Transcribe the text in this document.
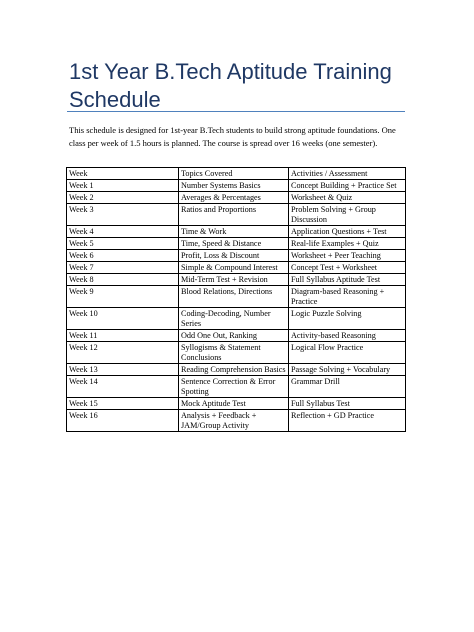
1st Year B.Tech Aptitude Training Schedule

This schedule is designed for 1st-year B.Tech students to build strong aptitude foundations. One class per week of 1.5 hours is planned. The course is spread over 16 weeks (one semester).

Week	Topics Covered	Activities / Assessment
Week 1	Number Systems Basics	Concept Building + Practice Set
Week 2	Averages & Percentages	Worksheet & Quiz
Week 3	Ratios and Proportions	Problem Solving + Group Discussion
Week 4	Time & Work	Application Questions + Test
Week 5	Time, Speed & Distance	Real-life Examples + Quiz
Week 6	Profit, Loss & Discount	Worksheet + Peer Teaching
Week 7	Simple & Compound Interest	Concept Test + Worksheet
Week 8	Mid-Term Test + Revision	Full Syllabus Aptitude Test
Week 9	Blood Relations, Directions	Diagram-based Reasoning + Practice
Week 10	Coding-Decoding, Number Series	Logic Puzzle Solving
Week 11	Odd One Out, Ranking	Activity-based Reasoning
Week 12	Syllogisms & Statement Conclusions	Logical Flow Practice
Week 13	Reading Comprehension Basics	Passage Solving + Vocabulary
Week 14	Sentence Correction & Error Spotting	Grammar Drill
Week 15	Mock Aptitude Test	Full Syllabus Test
Week 16	Analysis + Feedback + JAM/Group Activity	Reflection + GD Practice
